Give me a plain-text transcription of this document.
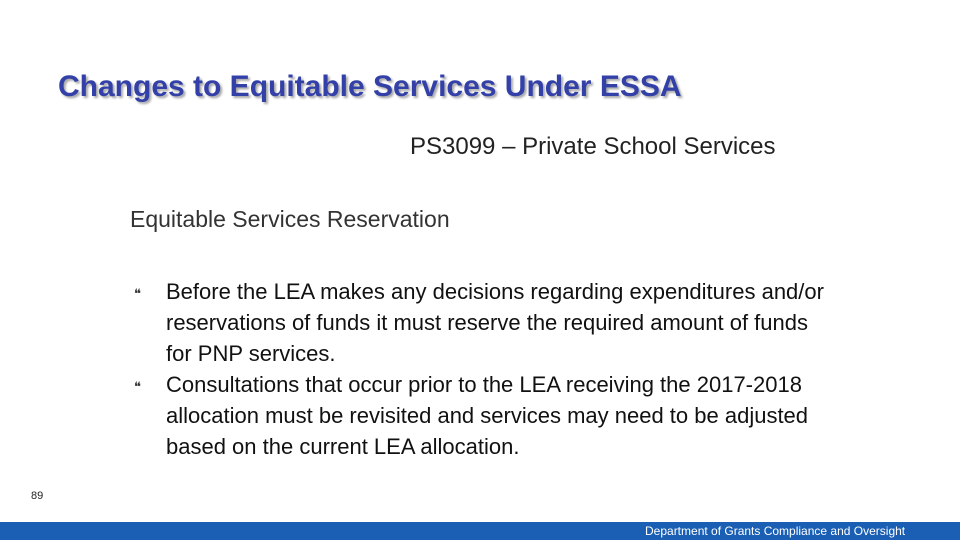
Changes to Equitable Services Under ESSA
PS3099 – Private School Services
Equitable Services Reservation
❝ Before the LEA makes any decisions regarding expenditures and/or reservations of funds it must reserve the required amount of funds for PNP services.
❝ Consultations that occur prior to the LEA receiving the 2017-2018 allocation must be revisited and services may need to be adjusted based on the current LEA allocation.
89
Department of Grants Compliance and Oversight
